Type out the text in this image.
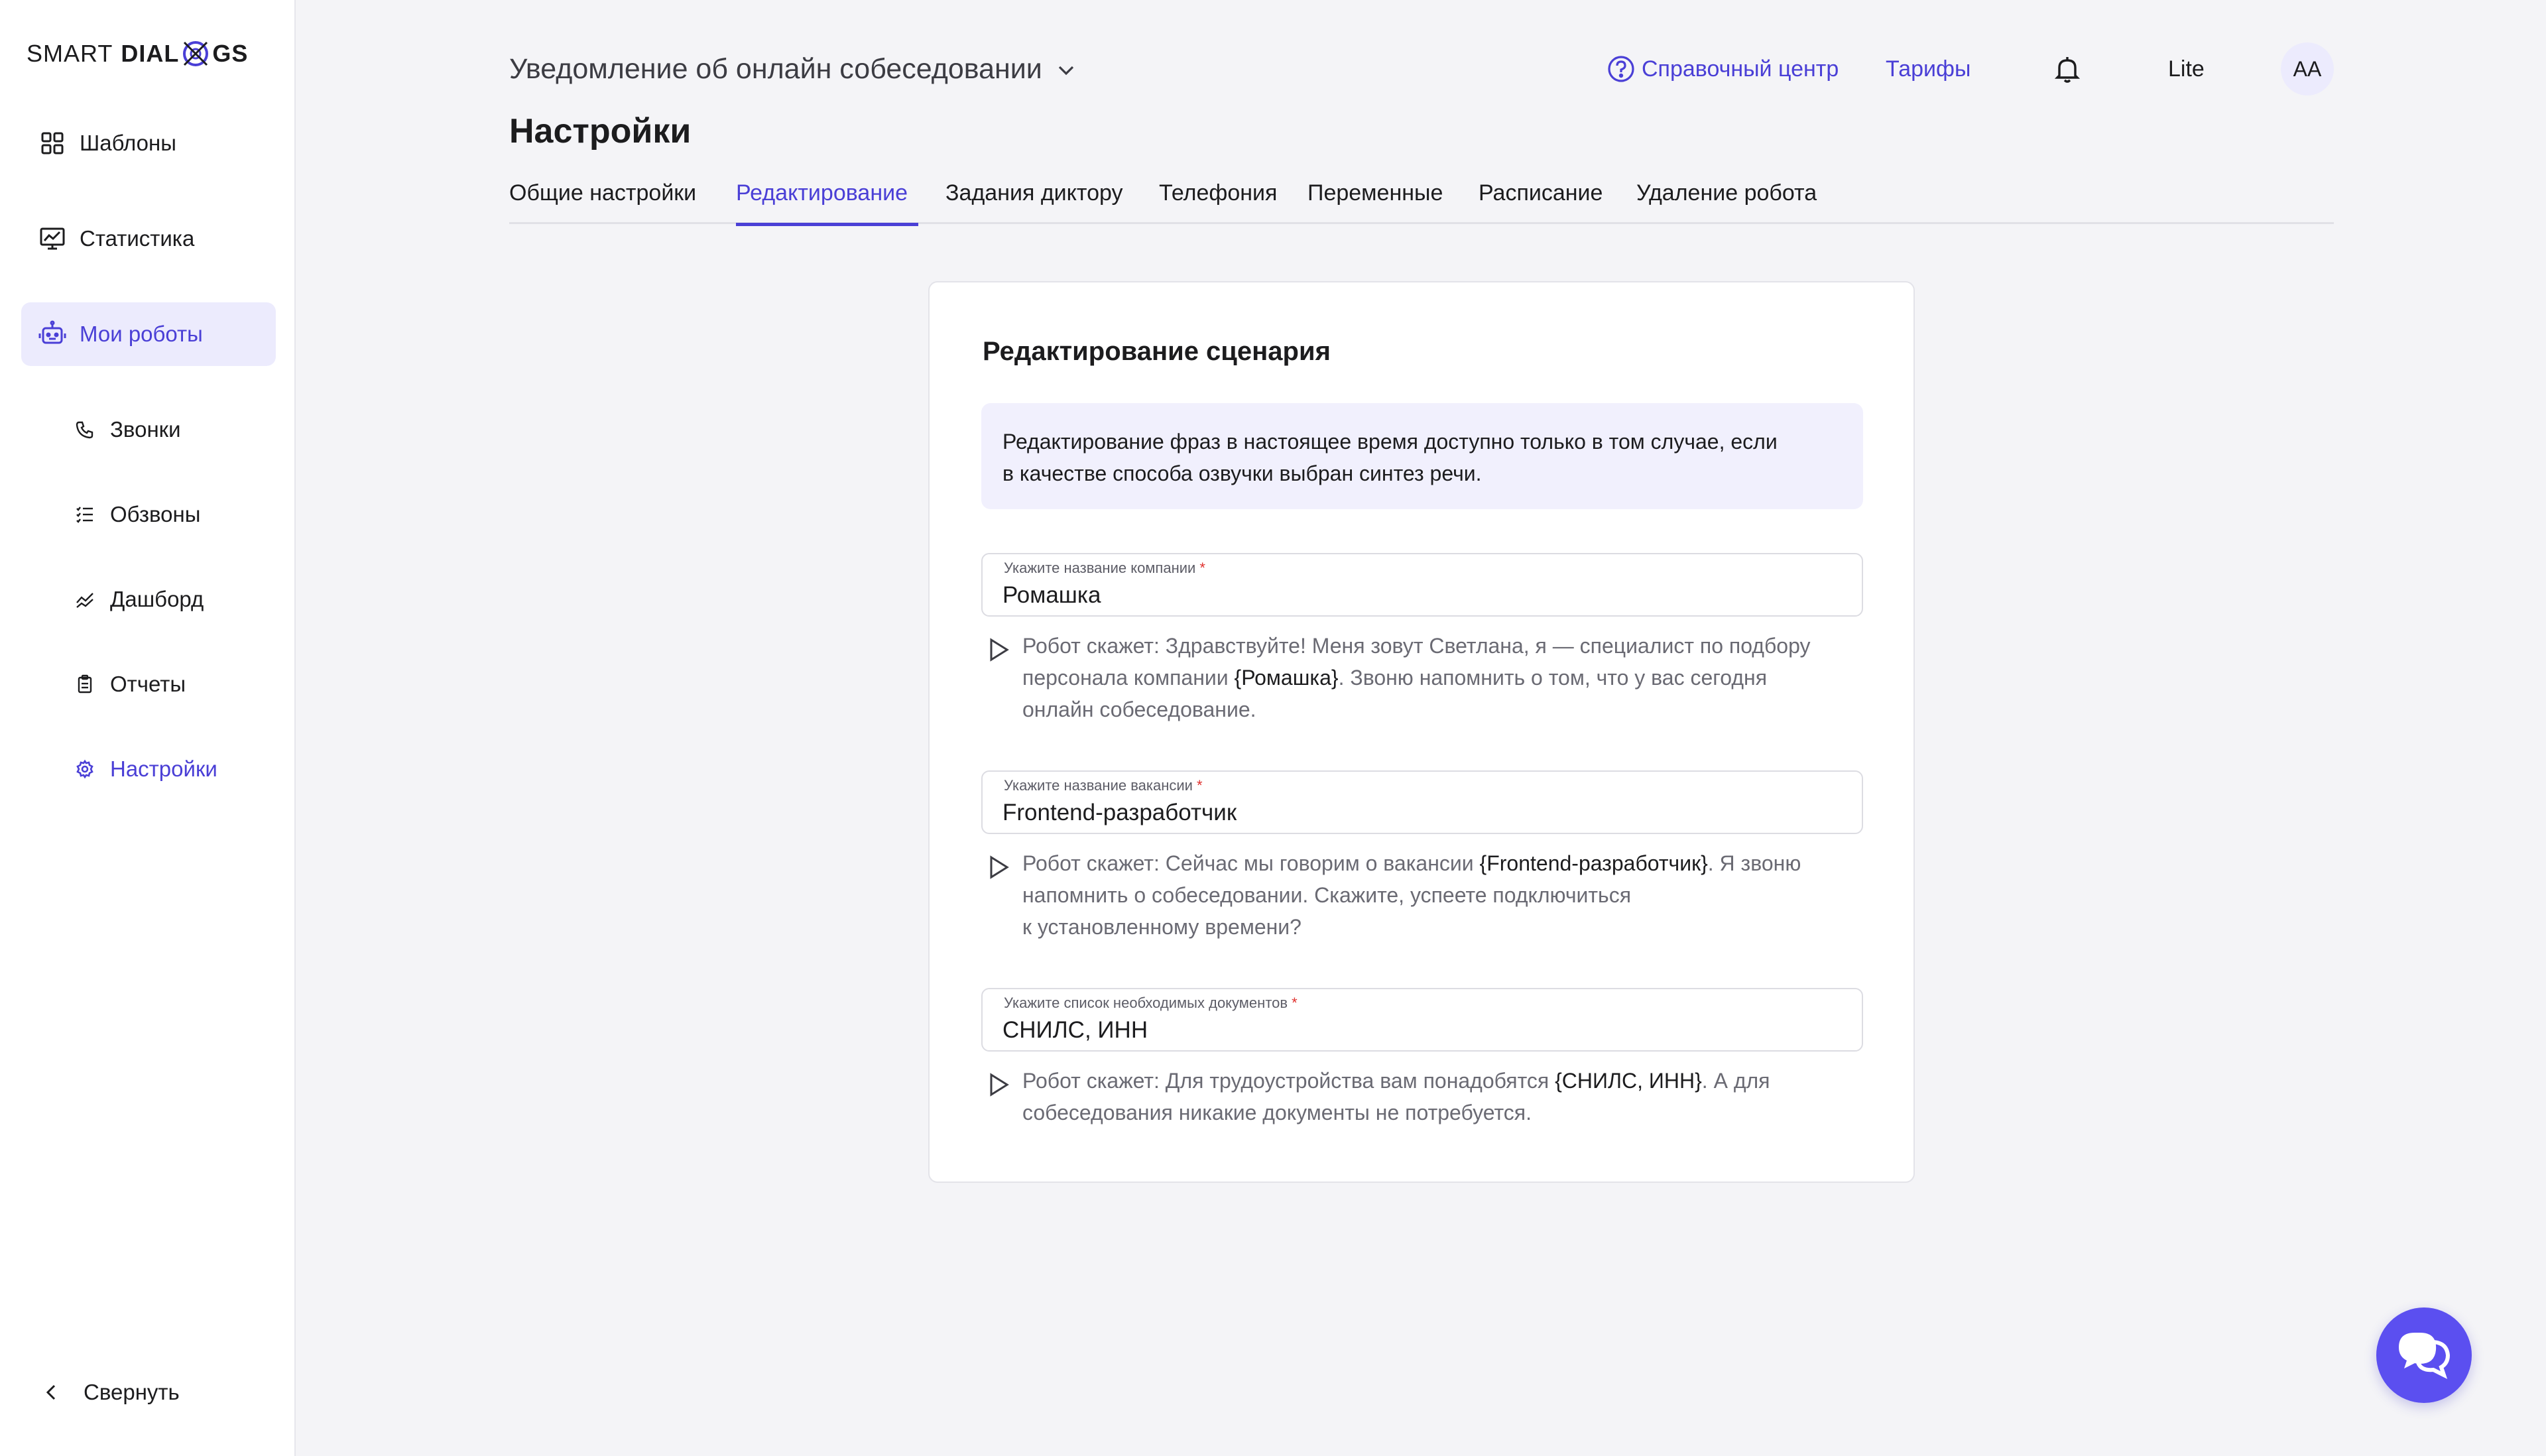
SMART DIAL GS
Шаблоны
Статистика
Мои роботы
Звонки
Обзвоны
Дашборд
Отчеты
Настройки
Свернуть
Уведомление об онлайн собеседовании	Справочный центр Тарифы	Lite	АА
Настройки
Общие настройки Редактирование Задания диктору Телефония Переменные Расписание Удаление робота
Редактирование сценария
Редактирование фраз в настоящее время доступно только в том случае, если
в качестве способа озвучки выбран синтез речи.
Укажите название компании *
Ромашка
Робот скажет: Здравствуйте! Меня зовут Светлана, я — специалист по подбору
персонала компании {Ромашка}. Звоню напомнить о том, что у вас сегодня
онлайн собеседование.
Укажите название вакансии *
Frontend-разработчик
Робот скажет: Сейчас мы говорим о вакансии {Frontend-разработчик}. Я звоню
напомнить о собеседовании. Скажите, успеете подключиться
к установленному времени?
Укажите список необходимых документов *
СНИЛС, ИНН
Робот скажет: Для трудоустройства вам понадобятся {СНИЛС, ИНН}. А для
собеседования никакие документы не потребуется.
